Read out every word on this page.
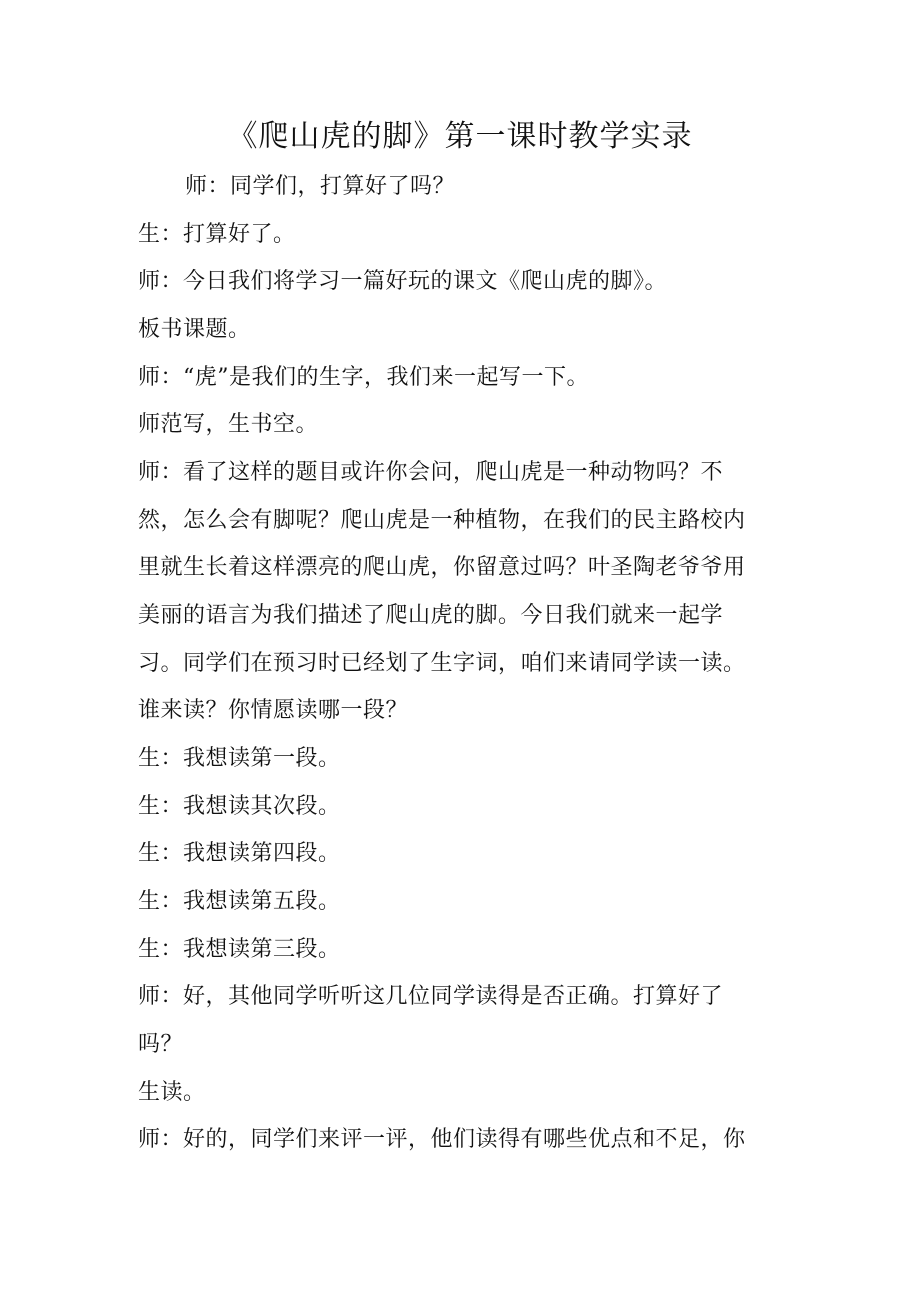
《爬山虎的脚》第一课时教学实录
师：同学们，打算好了吗？
生：打算好了。
师：今日我们将学习一篇好玩的课文《爬山虎的脚》。
板书课题。
师：“虎”是我们的生字，我们来一起写一下。
师范写，生书空。
师：看了这样的题目或许你会问，爬山虎是一种动物吗？不
然，怎么会有脚呢？爬山虎是一种植物，在我们的民主路校内
里就生长着这样漂亮的爬山虎，你留意过吗？叶圣陶老爷爷用
美丽的语言为我们描述了爬山虎的脚。今日我们就来一起学
习。同学们在预习时已经划了生字词，咱们来请同学读一读。
谁来读？你情愿读哪一段？
生：我想读第一段。
生：我想读其次段。
生：我想读第四段。
生：我想读第五段。
生：我想读第三段。
师：好，其他同学听听这几位同学读得是否正确。打算好了
吗？
生读。
师：好的，同学们来评一评，他们读得有哪些优点和不足，你
